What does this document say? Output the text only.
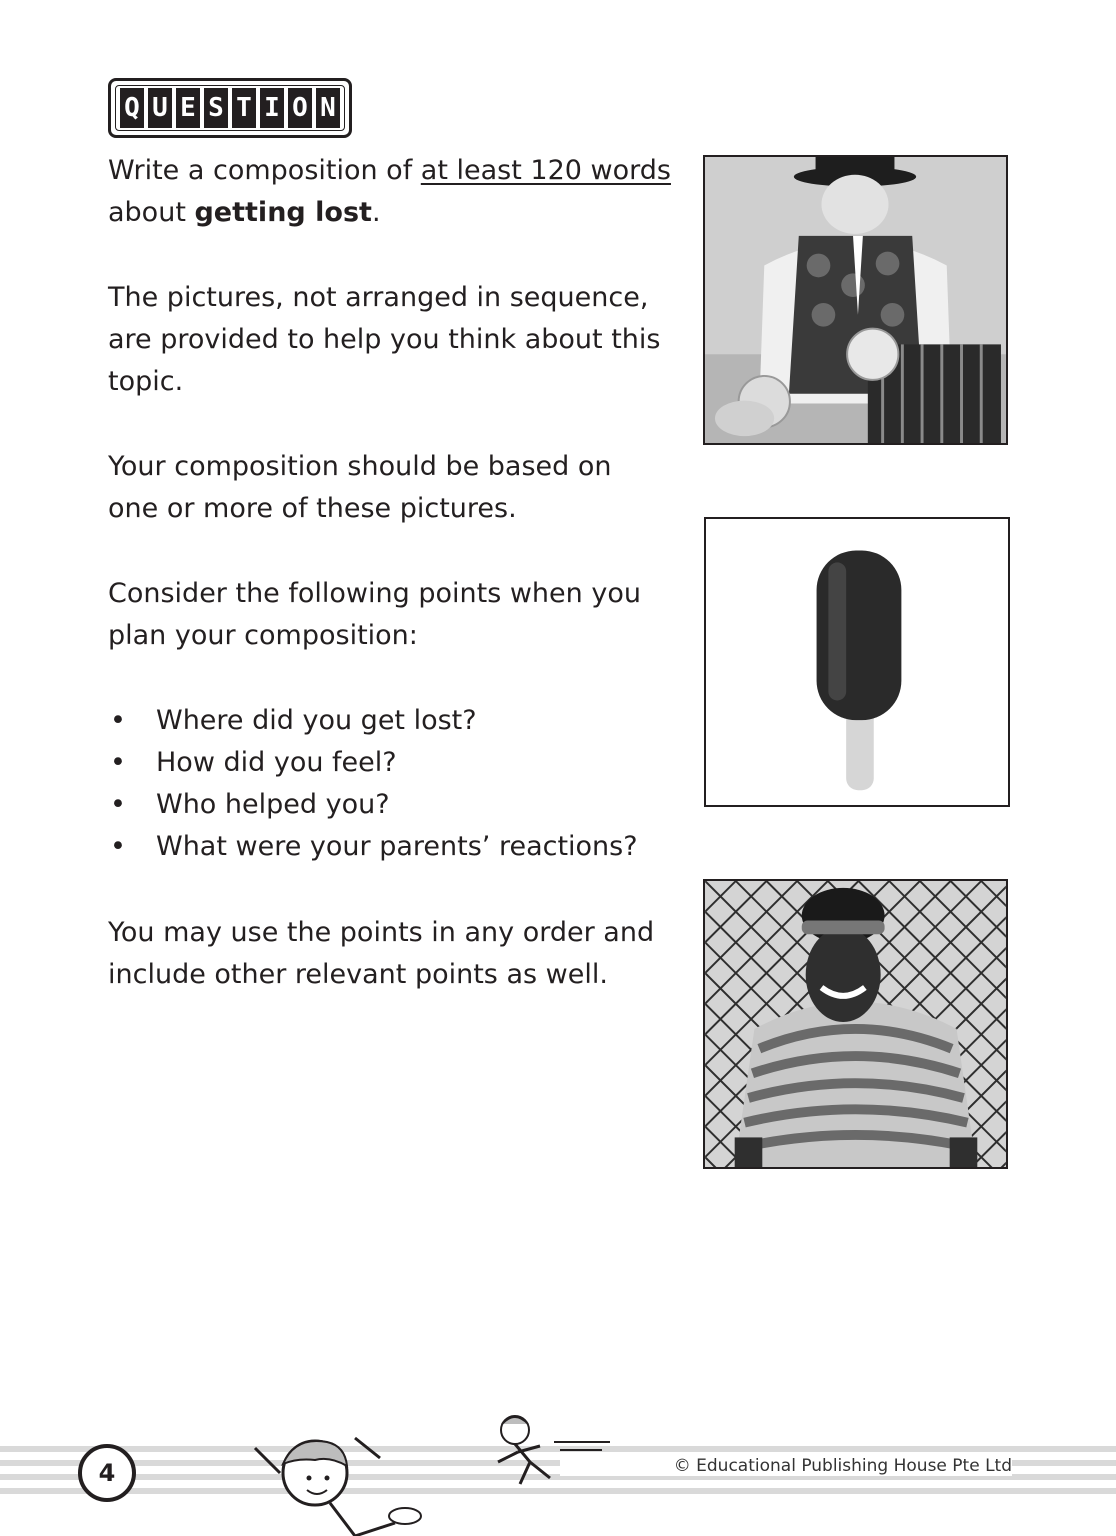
Q U E S T I O N

Write a composition of at least 120 words
about getting lost.

The pictures, not arranged in sequence,
are provided to help you think about this
topic.

Your composition should be based on
one or more of these pictures.

Consider the following points when you
plan your composition:

• Where did you get lost?
• How did you feel?
• Who helped you?
• What were your parents’ reactions?

You may use the points in any order and
include other relevant points as well.

4	© Educational Publishing House Pte Ltd
